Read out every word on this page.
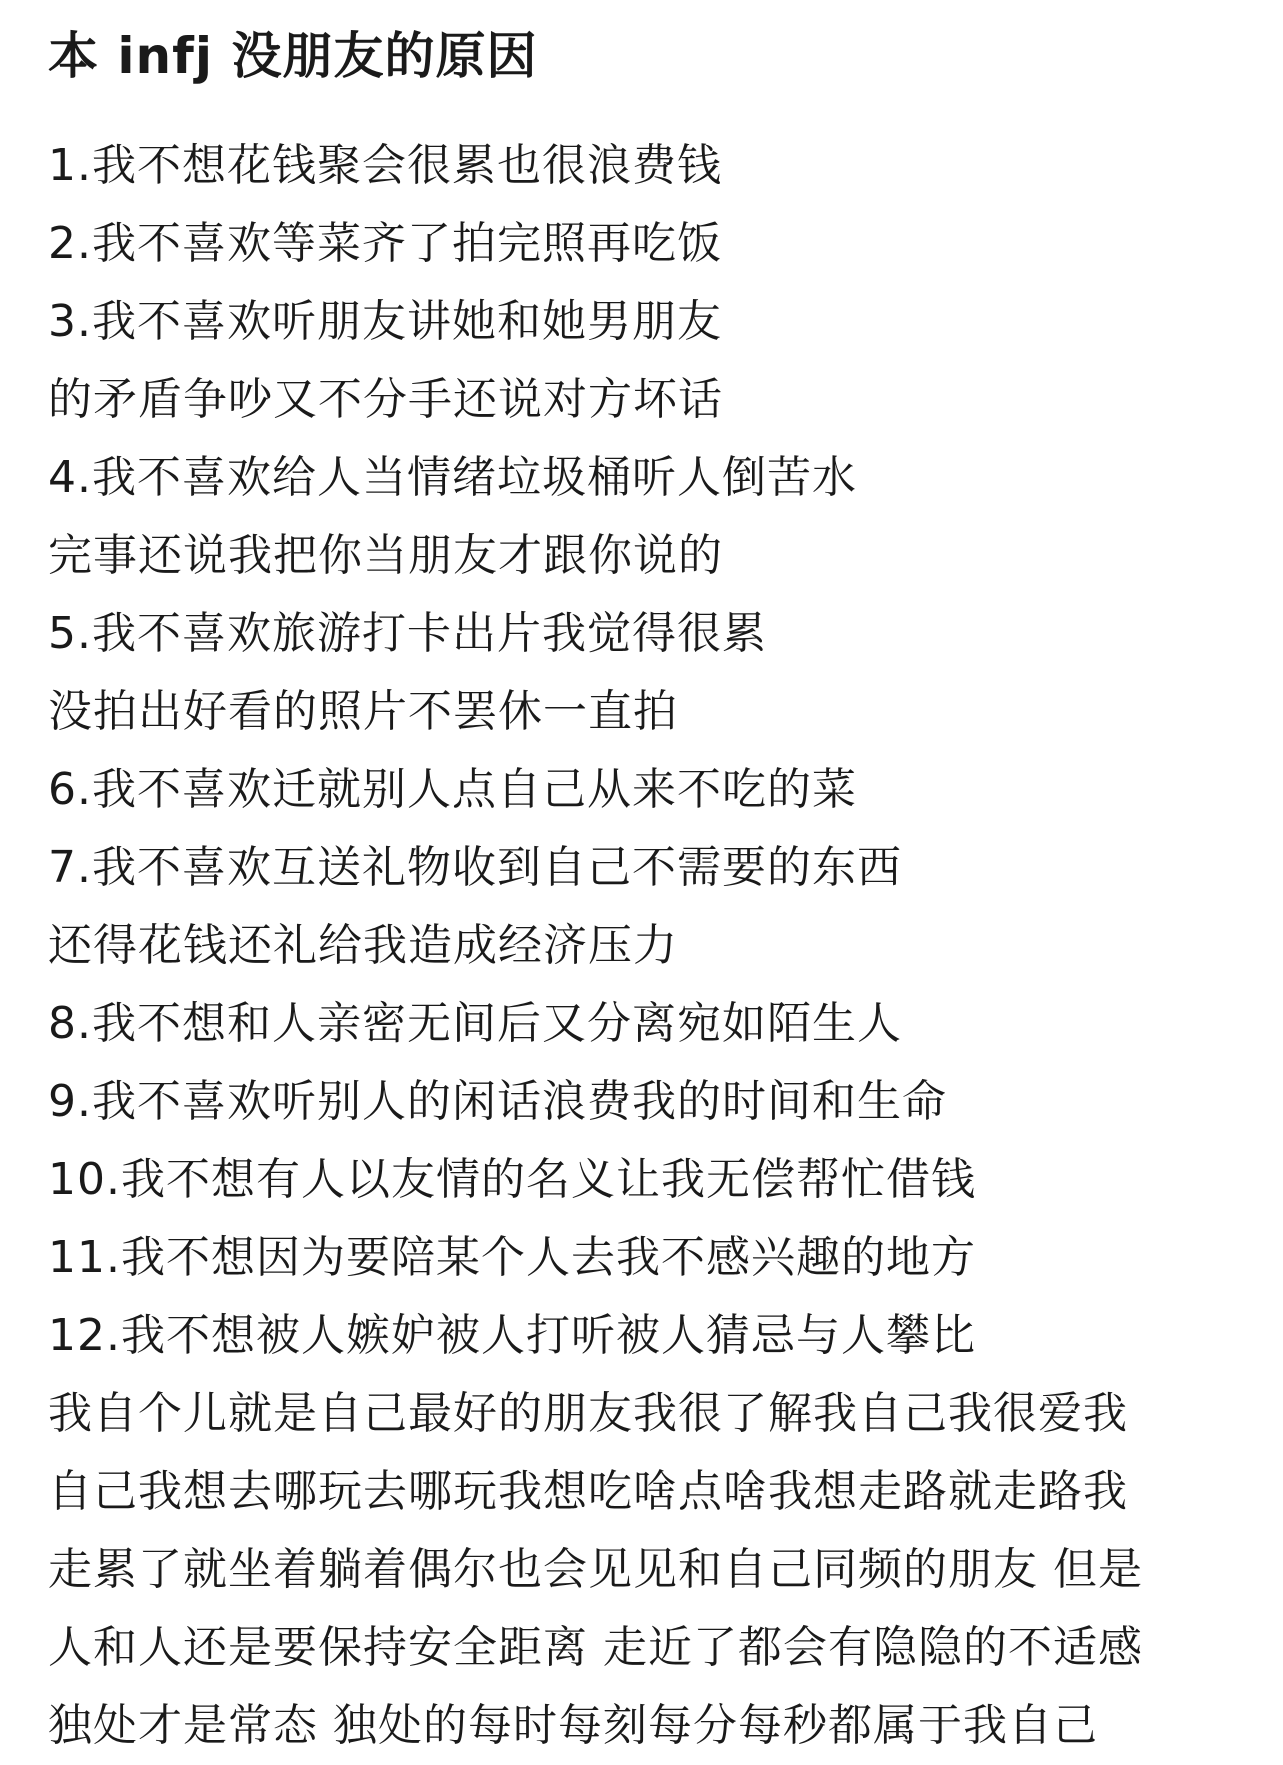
本 infj 没朋友的原因
1.我不想花钱聚会很累也很浪费钱
2.我不喜欢等菜齐了拍完照再吃饭
3.我不喜欢听朋友讲她和她男朋友
的矛盾争吵又不分手还说对方坏话
4.我不喜欢给人当情绪垃圾桶听人倒苦水
完事还说我把你当朋友才跟你说的
5.我不喜欢旅游打卡出片我觉得很累
没拍出好看的照片不罢休一直拍
6.我不喜欢迁就别人点自己从来不吃的菜
7.我不喜欢互送礼物收到自己不需要的东西
还得花钱还礼给我造成经济压力
8.我不想和人亲密无间后又分离宛如陌生人
9.我不喜欢听别人的闲话浪费我的时间和生命
10.我不想有人以友情的名义让我无偿帮忙借钱
11.我不想因为要陪某个人去我不感兴趣的地方
12.我不想被人嫉妒被人打听被人猜忌与人攀比
我自个儿就是自己最好的朋友我很了解我自己我很爱我
自己我想去哪玩去哪玩我想吃啥点啥我想走路就走路我
走累了就坐着躺着偶尔也会见见和自己同频的朋友 但是
人和人还是要保持安全距离 走近了都会有隐隐的不适感
独处才是常态 独处的每时每刻每分每秒都属于我自己
